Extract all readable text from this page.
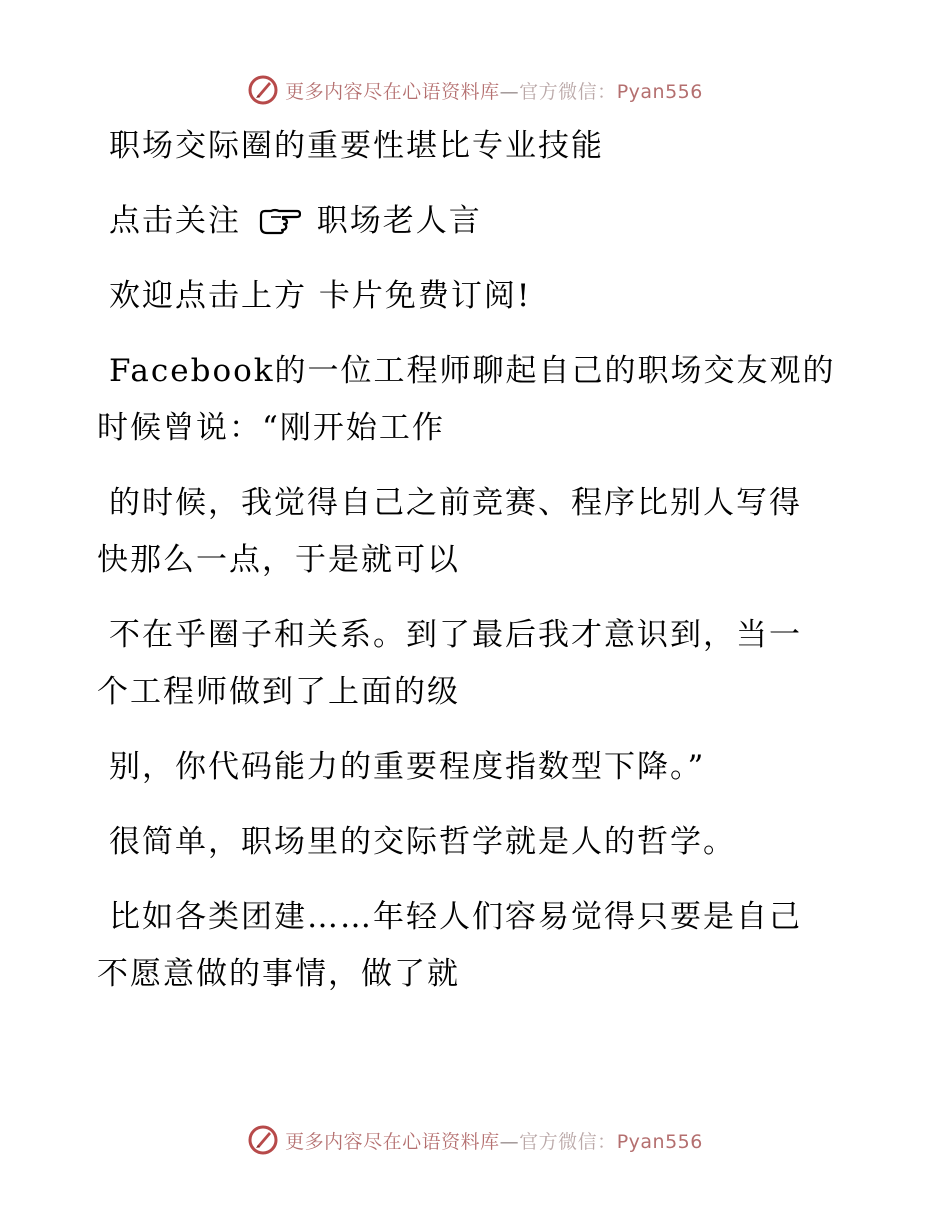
更多内容尽在心语资料库—官方微信：Pyan556
职场交际圈的重要性堪比专业技能
点击关注 职场老人言
欢迎点击上方 卡片免费订阅!
Facebook的一位工程师聊起自己的职场交友观的
时候曾说：“刚开始工作
的时候，我觉得自己之前竞赛、程序比别人写得
快那么一点，于是就可以
不在乎圈子和关系。到了最后我才意识到，当一
个工程师做到了上面的级
别，你代码能力的重要程度指数型下降。”
很简单，职场里的交际哲学就是人的哲学。
比如各类团建……年轻人们容易觉得只要是自己
不愿意做的事情，做了就
更多内容尽在心语资料库—官方微信：Pyan556
